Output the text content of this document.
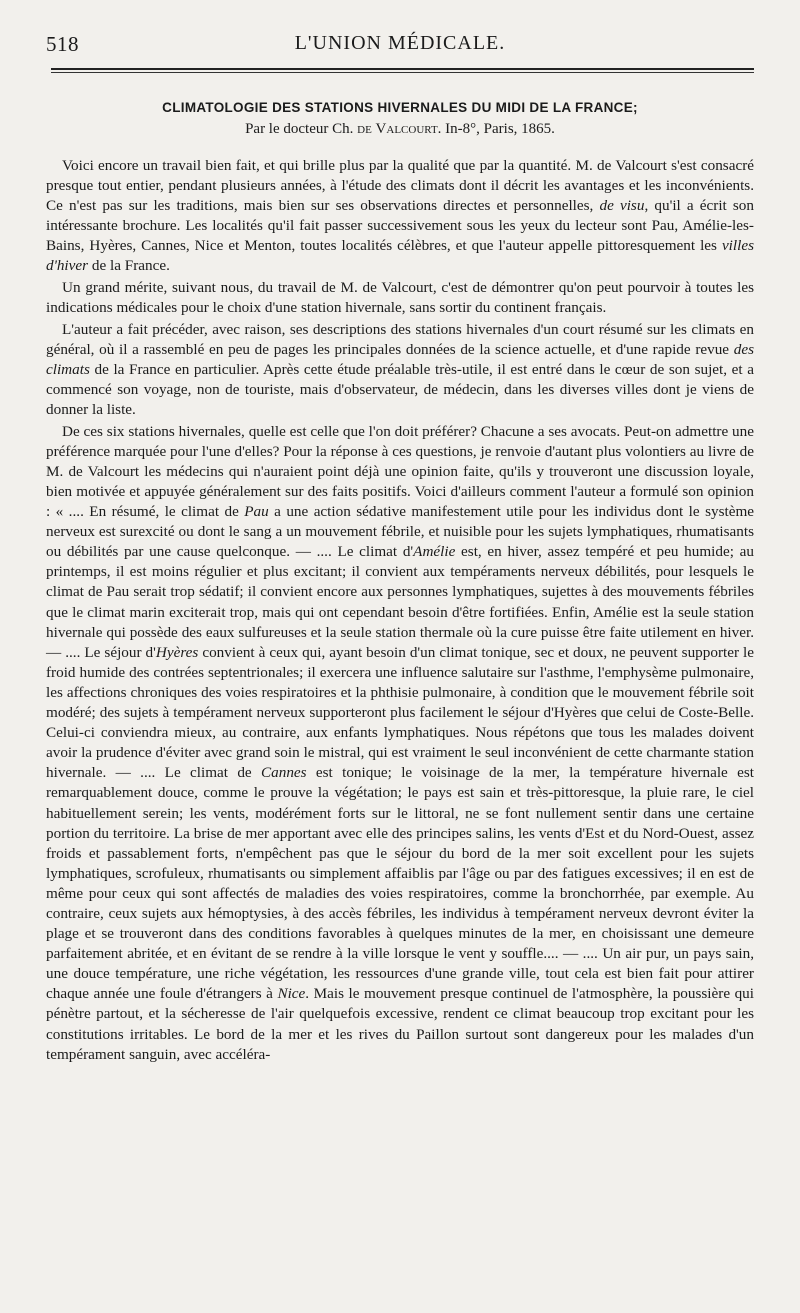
518	L'UNION MÉDICALE.
CLIMATOLOGIE DES STATIONS HIVERNALES DU MIDI DE LA FRANCE;
Par le docteur Ch. de Valcourt. In-8°, Paris, 1865.

Voici encore un travail bien fait, et qui brille plus par la qualité que par la quantité. M. de Valcourt s'est consacré presque tout entier, pendant plusieurs années, à l'étude des climats dont il décrit les avantages et les inconvénients. Ce n'est pas sur les traditions, mais bien sur ses observations directes et personnelles, de visu, qu'il a écrit son intéressante brochure. Les localités qu'il fait passer successivement sous les yeux du lecteur sont Pau, Amélie-les-Bains, Hyères, Cannes, Nice et Menton, toutes localités célèbres, et que l'auteur appelle pittoresquement les villes d'hiver de la France.

Un grand mérite, suivant nous, du travail de M. de Valcourt, c'est de démontrer qu'on peut pourvoir à toutes les indications médicales pour le choix d'une station hivernale, sans sortir du continent français.

L'auteur a fait précéder, avec raison, ses descriptions des stations hivernales d'un court résumé sur les climats en général, où il a rassemblé en peu de pages les principales données de la science actuelle, et d'une rapide revue des climats de la France en particulier. Après cette étude préalable très-utile, il est entré dans le cœur de son sujet, et a commencé son voyage, non de touriste, mais d'observateur, de médecin, dans les diverses villes dont je viens de donner la liste.

De ces six stations hivernales, quelle est celle que l'on doit préférer? Chacune a ses avocats. Peut-on admettre une préférence marquée pour l'une d'elles? Pour la réponse à ces questions, je renvoie d'autant plus volontiers au livre de M. de Valcourt les médecins qui n'auraient point déjà une opinion faite, qu'ils y trouveront une discussion loyale, bien motivée et appuyée généralement sur des faits positifs. Voici d'ailleurs comment l'auteur a formulé son opinion : « .... En résumé, le climat de Pau a une action sédative manifestement utile pour les individus dont le système nerveux est surexcité ou dont le sang a un mouvement fébrile, et nuisible pour les sujets lymphatiques, rhumatisants ou débilités par une cause quelconque. — .... Le climat d'Amélie est, en hiver, assez tempéré et peu humide; au printemps, il est moins régulier et plus excitant; il convient aux tempéraments nerveux débilités, pour lesquels le climat de Pau serait trop sédatif; il convient encore aux personnes lymphatiques, sujettes à des mouvements fébriles que le climat marin exciterait trop, mais qui ont cependant besoin d'être fortifiées. Enfin, Amélie est la seule station hivernale qui possède des eaux sulfureuses et la seule station thermale où la cure puisse être faite utilement en hiver. — .... Le séjour d'Hyères convient à ceux qui, ayant besoin d'un climat tonique, sec et doux, ne peuvent supporter le froid humide des contrées septentrionales; il exercera une influence salutaire sur l'asthme, l'emphysème pulmonaire, les affections chroniques des voies respiratoires et la phthisie pulmonaire, à condition que le mouvement fébrile soit modéré; des sujets à tempérament nerveux supporteront plus facilement le séjour d'Hyères que celui de Coste-Belle. Celui-ci conviendra mieux, au contraire, aux enfants lymphatiques. Nous répétons que tous les malades doivent avoir la prudence d'éviter avec grand soin le mistral, qui est vraiment le seul inconvénient de cette charmante station hivernale. — .... Le climat de Cannes est tonique; le voisinage de la mer, la température hivernale est remarquablement douce, comme le prouve la végétation; le pays est sain et très-pittoresque, la pluie rare, le ciel habituellement serein; les vents, modérément forts sur le littoral, ne se font nullement sentir dans une certaine portion du territoire. La brise de mer apportant avec elle des principes salins, les vents d'Est et du Nord-Ouest, assez froids et passablement forts, n'empêchent pas que le séjour du bord de la mer soit excellent pour les sujets lymphatiques, scrofuleux, rhumatisants ou simplement affaiblis par l'âge ou par des fatigues excessives; il en est de même pour ceux qui sont affectés de maladies des voies respiratoires, comme la bronchorrhée, par exemple. Au contraire, ceux sujets aux hémoptysies, à des accès fébriles, les individus à tempérament nerveux devront éviter la plage et se trouveront dans des conditions favorables à quelques minutes de la mer, en choisissant une demeure parfaitement abritée, et en évitant de se rendre à la ville lorsque le vent y souffle.... — .... Un air pur, un pays sain, une douce température, une riche végétation, les ressources d'une grande ville, tout cela est bien fait pour attirer chaque année une foule d'étrangers à Nice. Mais le mouvement presque continuel de l'atmosphère, la poussière qui pénètre partout, et la sécheresse de l'air quelquefois excessive, rendent ce climat beaucoup trop excitant pour les constitutions irritables. Le bord de la mer et les rives du Paillon surtout sont dangereux pour les malades d'un tempérament sanguin, avec accéléra-
